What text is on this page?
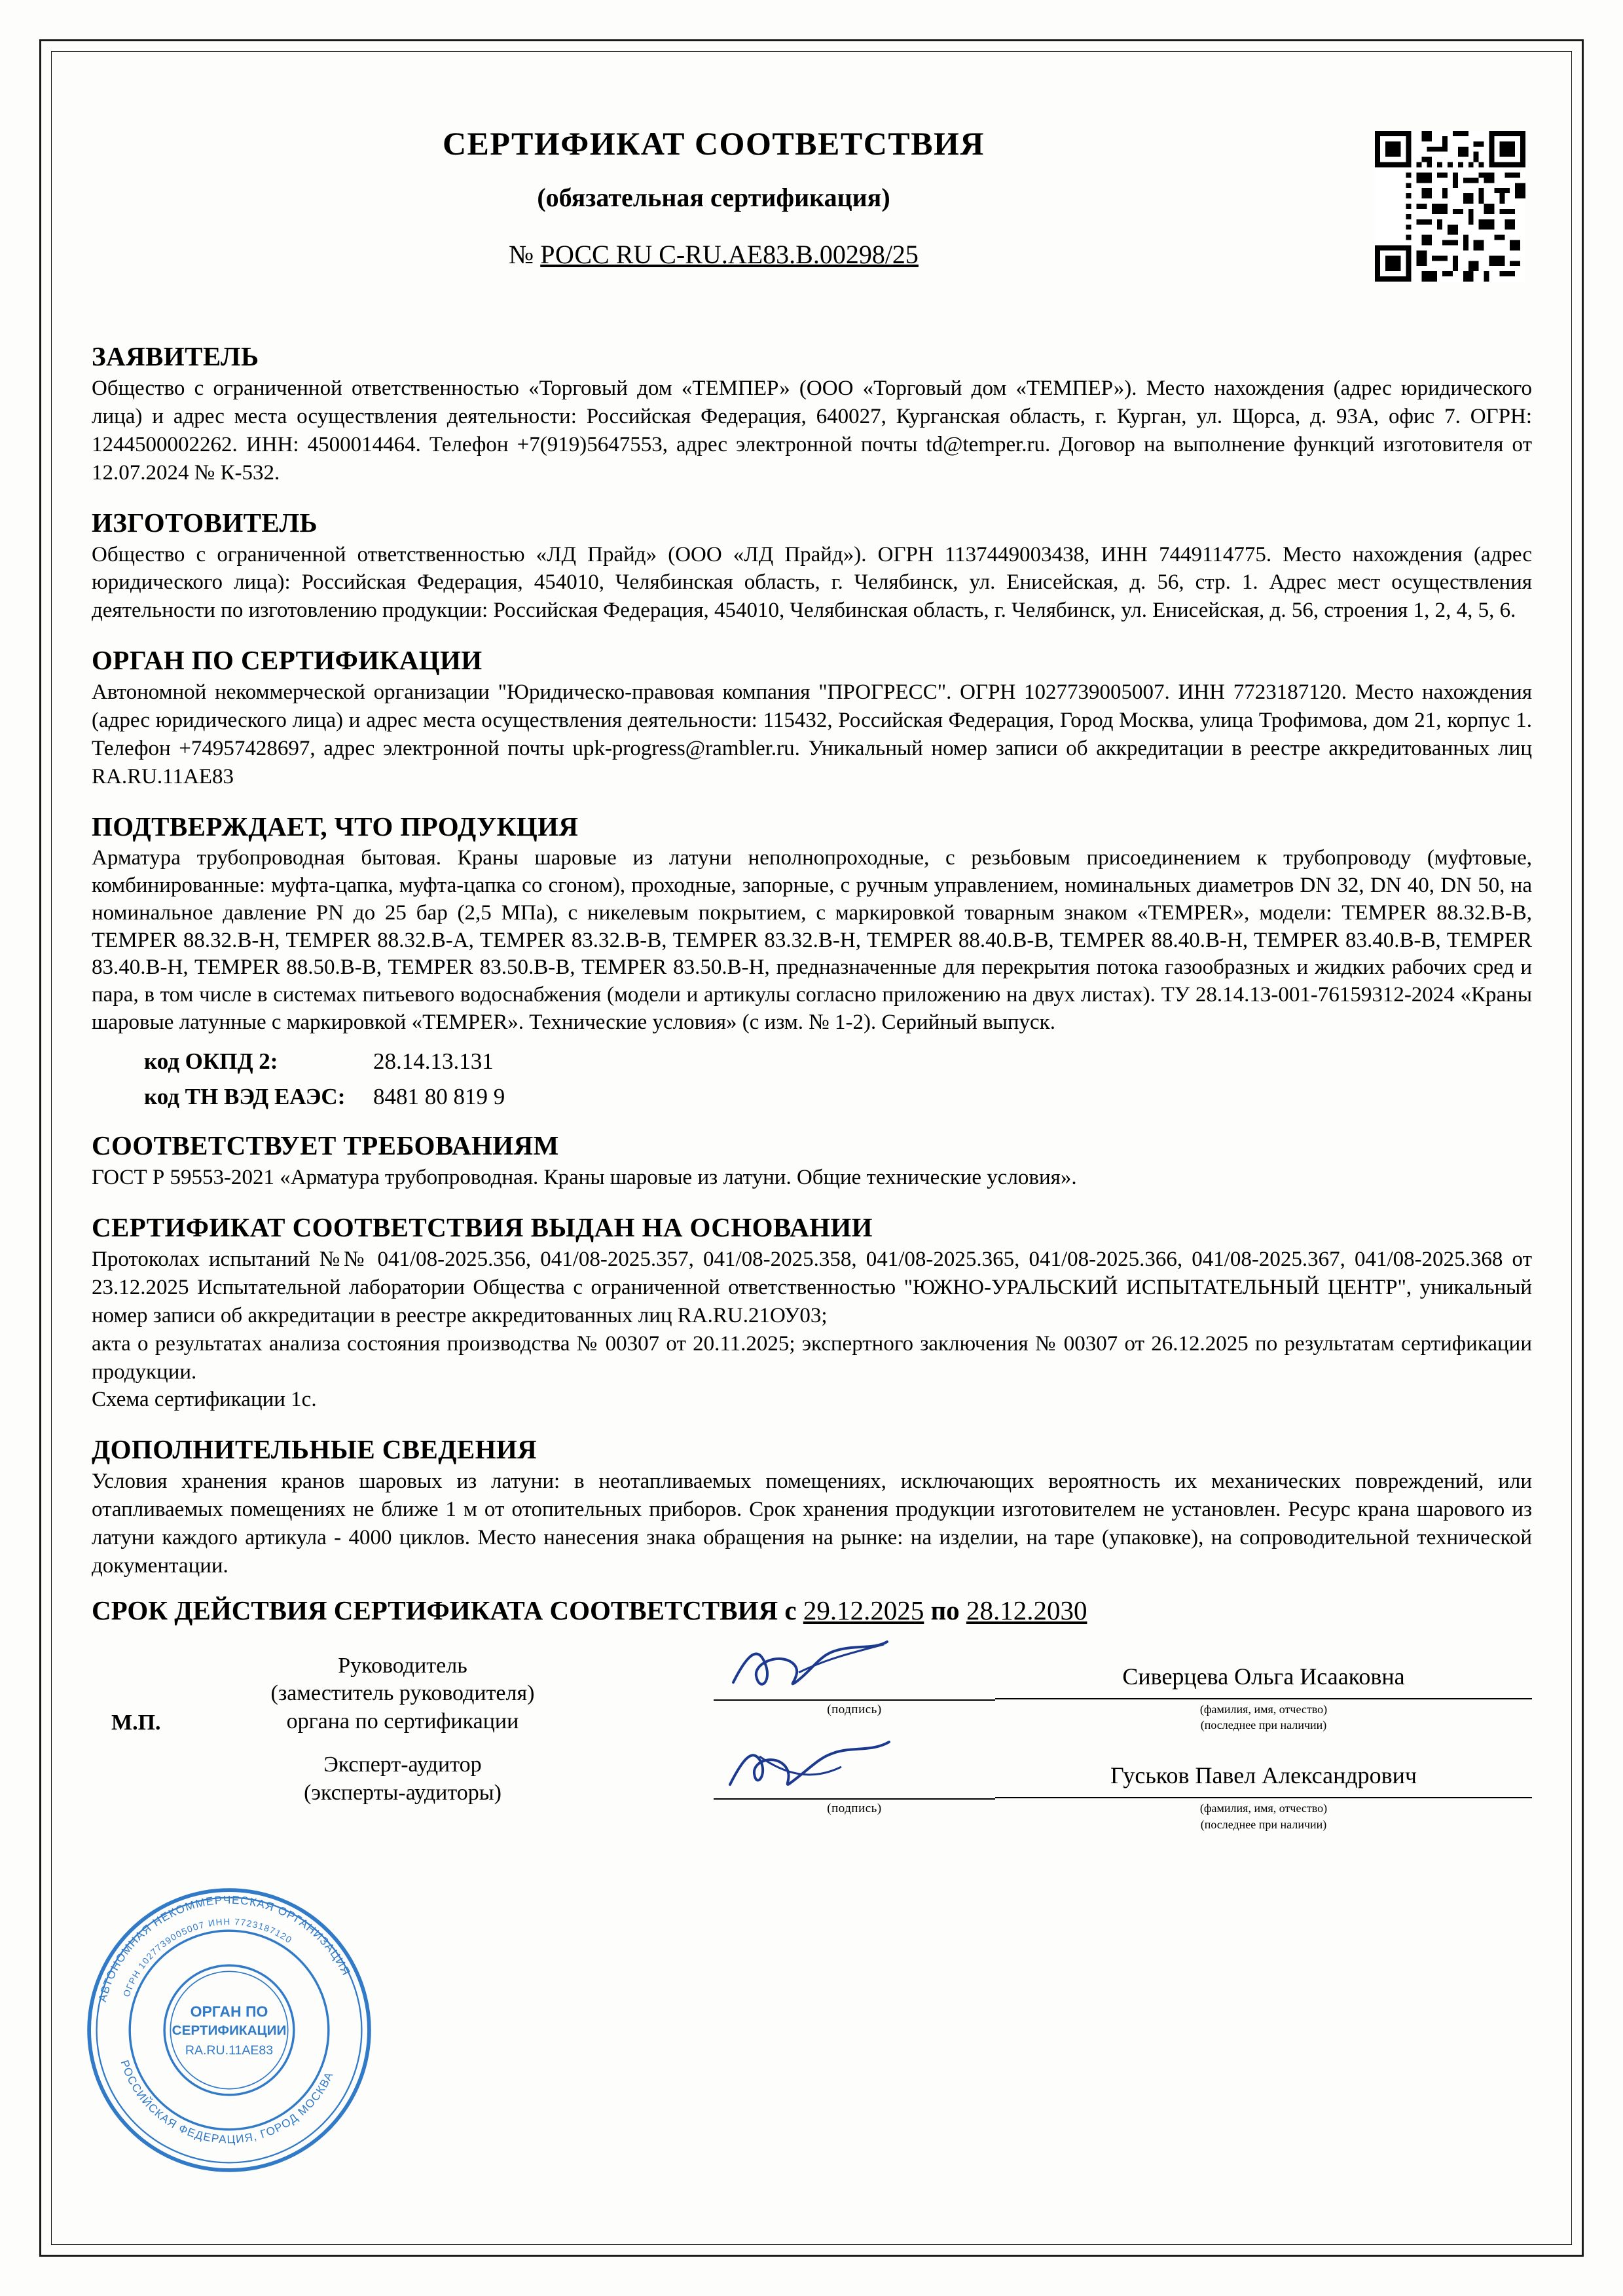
СЕРТИФИКАТ СООТВЕТСТВИЯ
(обязательная сертификация)
№ РОСС RU C-RU.AE83.B.00298/25
ЗАЯВИТЕЛЬ
Общество с ограниченной ответственностью «Торговый дом «ТЕМПЕР» (ООО «Торговый дом «ТЕМПЕР»). Место нахождения (адрес юридического лица) и адрес места осуществления деятельности: Российская Федерация, 640027, Курганская область, г. Курган, ул. Щорса, д. 93А, офис 7. ОГРН: 1244500002262. ИНН: 4500014464. Телефон +7(919)5647553, адрес электронной почты td@temper.ru. Договор на выполнение функций изготовителя от 12.07.2024 № К-532.
ИЗГОТОВИТЕЛЬ
Общество с ограниченной ответственностью «ЛД Прайд» (ООО «ЛД Прайд»). ОГРН 1137449003438, ИНН 7449114775. Место нахождения (адрес юридического лица): Российская Федерация, 454010, Челябинская область, г. Челябинск, ул. Енисейская, д. 56, стр. 1. Адрес мест осуществления деятельности по изготовлению продукции: Российская Федерация, 454010, Челябинская область, г. Челябинск, ул. Енисейская, д. 56, строения 1, 2, 4, 5, 6.
ОРГАН ПО СЕРТИФИКАЦИИ
Автономной некоммерческой организации "Юридическо-правовая компания "ПРОГРЕСС". ОГРН 1027739005007. ИНН 7723187120. Место нахождения (адрес юридического лица) и адрес места осуществления деятельности: 115432, Российская Федерация, Город Москва, улица Трофимова, дом 21, корпус 1. Телефон +74957428697, адрес электронной почты upk-progress@rambler.ru. Уникальный номер записи об аккредитации в реестре аккредитованных лиц RA.RU.11AE83
ПОДТВЕРЖДАЕТ, ЧТО ПРОДУКЦИЯ
Арматура трубопроводная бытовая. Краны шаровые из латуни неполнопроходные, с резьбовым присоединением к трубопроводу (муфтовые, комбинированные: муфта-цапка, муфта-цапка со сгоном), проходные, запорные, с ручным управлением, номинальных диаметров DN 32, DN 40, DN 50, на номинальное давление PN до 25 бар (2,5 МПа), с никелевым покрытием, с маркировкой товарным знаком «TEMPER», модели: TEMPER 88.32.B-B, TEMPER 88.32.B-H, TEMPER 88.32.B-A, TEMPER 83.32.B-B, TEMPER 83.32.B-H, TEMPER 88.40.B-B, TEMPER 88.40.B-H, TEMPER 83.40.B-B, TEMPER 83.40.B-H, TEMPER 88.50.B-B, TEMPER 83.50.B-B, TEMPER 83.50.B-H, предназначенные для перекрытия потока газообразных и жидких рабочих сред и пара, в том числе в системах питьевого водоснабжения (модели и артикулы согласно приложению на двух листах). ТУ 28.14.13-001-76159312-2024 «Краны шаровые латунные с маркировкой «TEMPER». Технические условия» (с изм. № 1-2). Серийный выпуск.
код ОКПД 2:	28.14.13.131
код ТН ВЭД ЕАЭС:	8481 80 819 9
СООТВЕТСТВУЕТ ТРЕБОВАНИЯМ
ГОСТ Р 59553-2021 «Арматура трубопроводная. Краны шаровые из латуни. Общие технические условия».
СЕРТИФИКАТ СООТВЕТСТВИЯ ВЫДАН НА ОСНОВАНИИ
Протоколах испытаний №№ 041/08-2025.356, 041/08-2025.357, 041/08-2025.358, 041/08-2025.365, 041/08-2025.366, 041/08-2025.367, 041/08-2025.368 от 23.12.2025 Испытательной лаборатории Общества с ограниченной ответственностью "ЮЖНО-УРАЛЬСКИЙ ИСПЫТАТЕЛЬНЫЙ ЦЕНТР", уникальный номер записи об аккредитации в реестре аккредитованных лиц RA.RU.21ОУ03;
акта о результатах анализа состояния производства № 00307 от 20.11.2025; экспертного заключения № 00307 от 26.12.2025 по результатам сертификации продукции.
Схема сертификации 1с.
ДОПОЛНИТЕЛЬНЫЕ СВЕДЕНИЯ
Условия хранения кранов шаровых из латуни: в неотапливаемых помещениях, исключающих вероятность их механических повреждений, или отапливаемых помещениях не ближе 1 м от отопительных приборов. Срок хранения продукции изготовителем не установлен. Ресурс крана шарового из латуни каждого артикула - 4000 циклов. Место нанесения знака обращения на рынке: на изделии, на таре (упаковке), на сопроводительной технической документации.
СРОК ДЕЙСТВИЯ СЕРТИФИКАТА СООТВЕТСТВИЯ с 29.12.2025 по 28.12.2030
М.П.
Руководитель
(заместитель руководителя)
органа по сертификации	(подпись)
Сиверцева Ольга Исааковна
(фамилия, имя, отчество)
(последнее при наличии)
Эксперт-аудитор
(эксперты-аудиторы)
(подпись)
Гуськов Павел Александрович
(фамилия, имя, отчество)
(последнее при наличии)
АВТОНОМНАЯ НЕКОММЕРЧЕСКАЯ ОРГАНИЗАЦИЯ
РОССИЙСКАЯ ФЕДЕРАЦИЯ, ГОРОД МОСКВА
ОГРН 1027739005007 ИНН 7723187120
ОРГАН ПО
СЕРТИФИКАЦИИ
RA.RU.11AE83
